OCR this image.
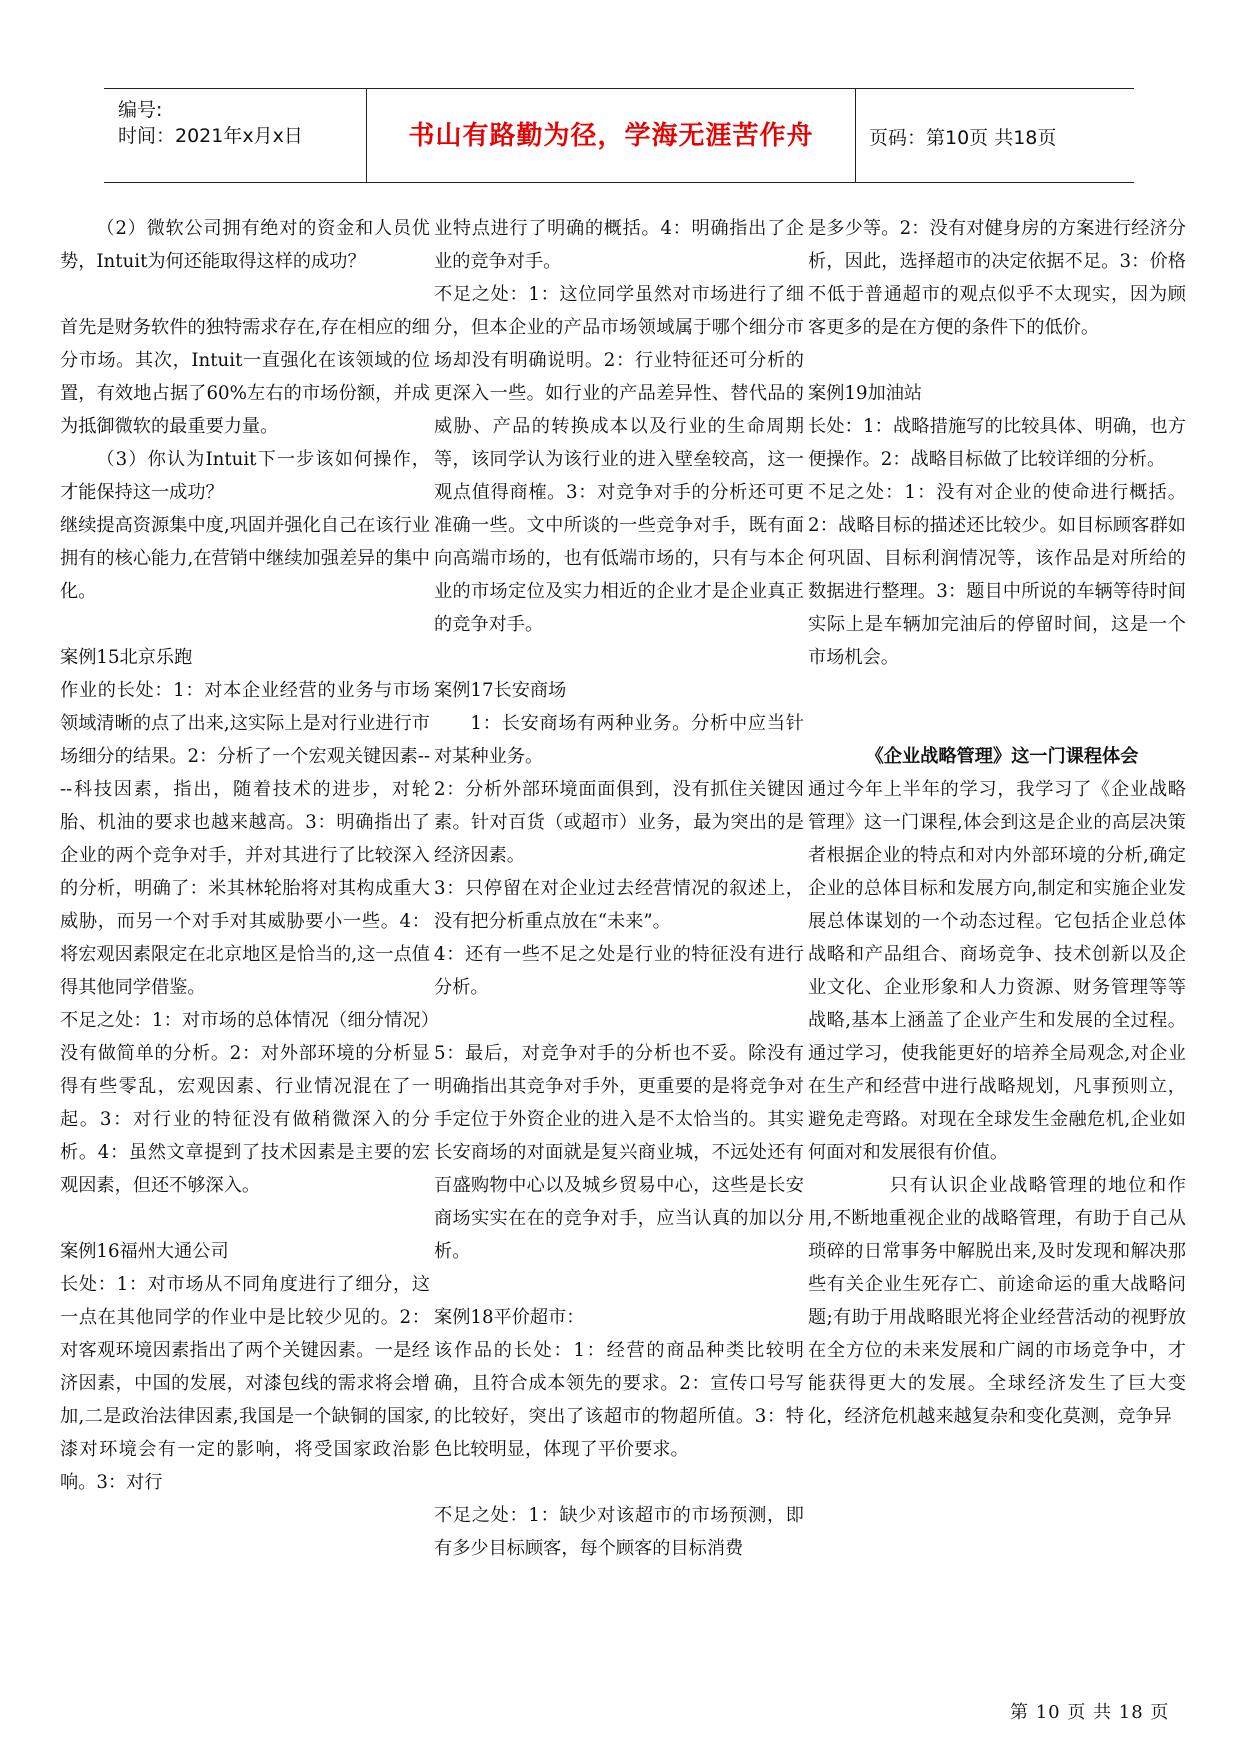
编号:
时间：2021年x月x日	书山有路勤为径，学海无涯苦作舟	页码：第10页 共18页

（2）微软公司拥有绝对的资金和人员优势，Intuit为何还能取得这样的成功？

首先是财务软件的独特需求存在,存在相应的细分市场。其次，Intuit一直强化在该领域的位置，有效地占据了60%左右的市场份额，并成为抵御微软的最重要力量。

（3）你认为Intuit下一步该如何操作，才能保持这一成功？

继续提高资源集中度,巩固并强化自己在该行业拥有的核心能力,在营销中继续加强差异的集中化。

案例15北京乐跑

作业的长处：1：对本企业经营的业务与市场领域清晰的点了出来,这实际上是对行业进行市场细分的结果。2：分析了一个宏观关键因素----科技因素，指出，随着技术的进步，对轮胎、机油的要求也越来越高。3：明确指出了企业的两个竞争对手，并对其进行了比较深入的分析，明确了：米其林轮胎将对其构成重大威胁，而另一个对手对其威胁要小一些。4：将宏观因素限定在北京地区是恰当的,这一点值得其他同学借鉴。

不足之处：1：对市场的总体情况（细分情况）没有做简单的分析。2：对外部环境的分析显得有些零乱，宏观因素、行业情况混在了一起。3：对行业的特征没有做稍微深入的分析。4：虽然文章提到了技术因素是主要的宏观因素，但还不够深入。

案例16福州大通公司

长处：1：对市场从不同角度进行了细分，这一点在其他同学的作业中是比较少见的。2：对客观环境因素指出了两个关键因素。一是经济因素，中国的发展，对漆包线的需求将会增加,二是政治法律因素,我国是一个缺铜的国家,漆对环境会有一定的影响，将受国家政治影响。3：对行

业特点进行了明确的概括。4：明确指出了企业的竞争对手。

不足之处：1：这位同学虽然对市场进行了细分，但本企业的产品市场领域属于哪个细分市场却没有明确说明。2：行业特征还可分析的更深入一些。如行业的产品差异性、替代品的威胁、产品的转换成本以及行业的生命周期等，该同学认为该行业的进入壁垒较高，这一观点值得商榷。3：对竞争对手的分析还可更准确一些。文中所谈的一些竞争对手，既有面向高端市场的，也有低端市场的，只有与本企业的市场定位及实力相近的企业才是企业真正的竞争对手。

案例17长安商场

1：长安商场有两种业务。分析中应当针对某种业务。

2：分析外部环境面面俱到，没有抓住关键因素。针对百货（或超市）业务，最为突出的是经济因素。

3：只停留在对企业过去经营情况的叙述上，没有把分析重点放在“未来”。

4：还有一些不足之处是行业的特征没有进行分析。

5：最后，对竞争对手的分析也不妥。除没有明确指出其竞争对手外，更重要的是将竞争对手定位于外资企业的进入是不太恰当的。其实长安商场的对面就是复兴商业城，不远处还有百盛购物中心以及城乡贸易中心，这些是长安商场实实在在的竞争对手，应当认真的加以分析。

案例18平价超市：

该作品的长处：1：经营的商品种类比较明确，且符合成本领先的要求。2：宣传口号写的比较好，突出了该超市的物超所值。3：特色比较明显，体现了平价要求。

不足之处：1：缺少对该超市的市场预测，即有多少目标顾客，每个顾客的目标消费

是多少等。2：没有对健身房的方案进行经济分析，因此，选择超市的决定依据不足。3：价格不低于普通超市的观点似乎不太现实，因为顾客更多的是在方便的条件下的低价。

案例19加油站

长处：1：战略措施写的比较具体、明确，也方便操作。2：战略目标做了比较详细的分析。

不足之处：1：没有对企业的使命进行概括。2：战略目标的描述还比较少。如目标顾客群如何巩固、目标利润情况等，该作品是对所给的数据进行整理。3：题目中所说的车辆等待时间实际上是车辆加完油后的停留时间，这是一个市场机会。

《企业战略管理》这一门课程体会

通过今年上半年的学习，我学习了《企业战略管理》这一门课程,体会到这是企业的高层决策者根据企业的特点和对内外部环境的分析,确定企业的总体目标和发展方向,制定和实施企业发展总体谋划的一个动态过程。它包括企业总体战略和产品组合、商场竞争、技术创新以及企业文化、企业形象和人力资源、财务管理等等战略,基本上涵盖了企业产生和发展的全过程。通过学习，使我能更好的培养全局观念,对企业在生产和经营中进行战略规划，凡事预则立，避免走弯路。对现在全球发生金融危机,企业如何面对和发展很有价值。

只有认识企业战略管理的地位和作用,不断地重视企业的战略管理，有助于自己从琐碎的日常事务中解脱出来,及时发现和解决那些有关企业生死存亡、前途命运的重大战略问题;有助于用战略眼光将企业经营活动的视野放在全方位的未来发展和广阔的市场竞争中，才能获得更大的发展。全球经济发生了巨大变化，经济危机越来越复杂和变化莫测，竞争异

第 10 页 共 18 页
